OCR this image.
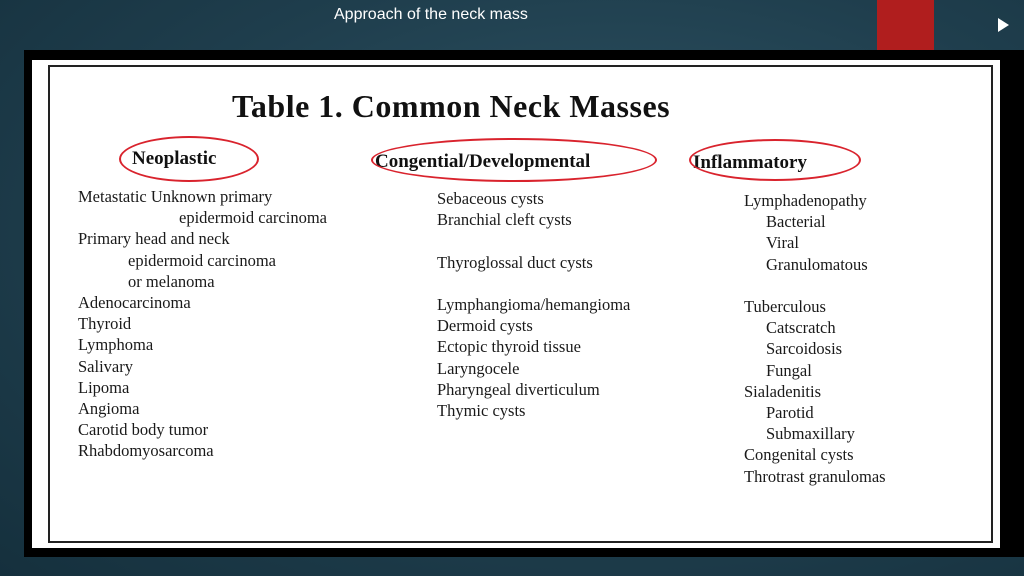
Approach of the neck mass
Table 1. Common Neck Masses
Neoplastic	Congential/Developmental	Inflammatory
Metastatic Unknown primary
epidermoid carcinoma
Primary head and neck
epidermoid carcinoma
or melanoma
Adenocarcinoma
Thyroid
Lymphoma
Salivary
Lipoma
Angioma
Carotid body tumor
Rhabdomyosarcoma
Sebaceous cysts
Branchial cleft cysts
Thyroglossal duct cysts
Lymphangioma/hemangioma
Dermoid cysts
Ectopic thyroid tissue
Laryngocele
Pharyngeal diverticulum
Thymic cysts
Lymphadenopathy
Bacterial
Viral
Granulomatous
Tuberculous
Catscratch
Sarcoidosis
Fungal
Sialadenitis
Parotid
Submaxillary
Congenital cysts
Throtrast granulomas
